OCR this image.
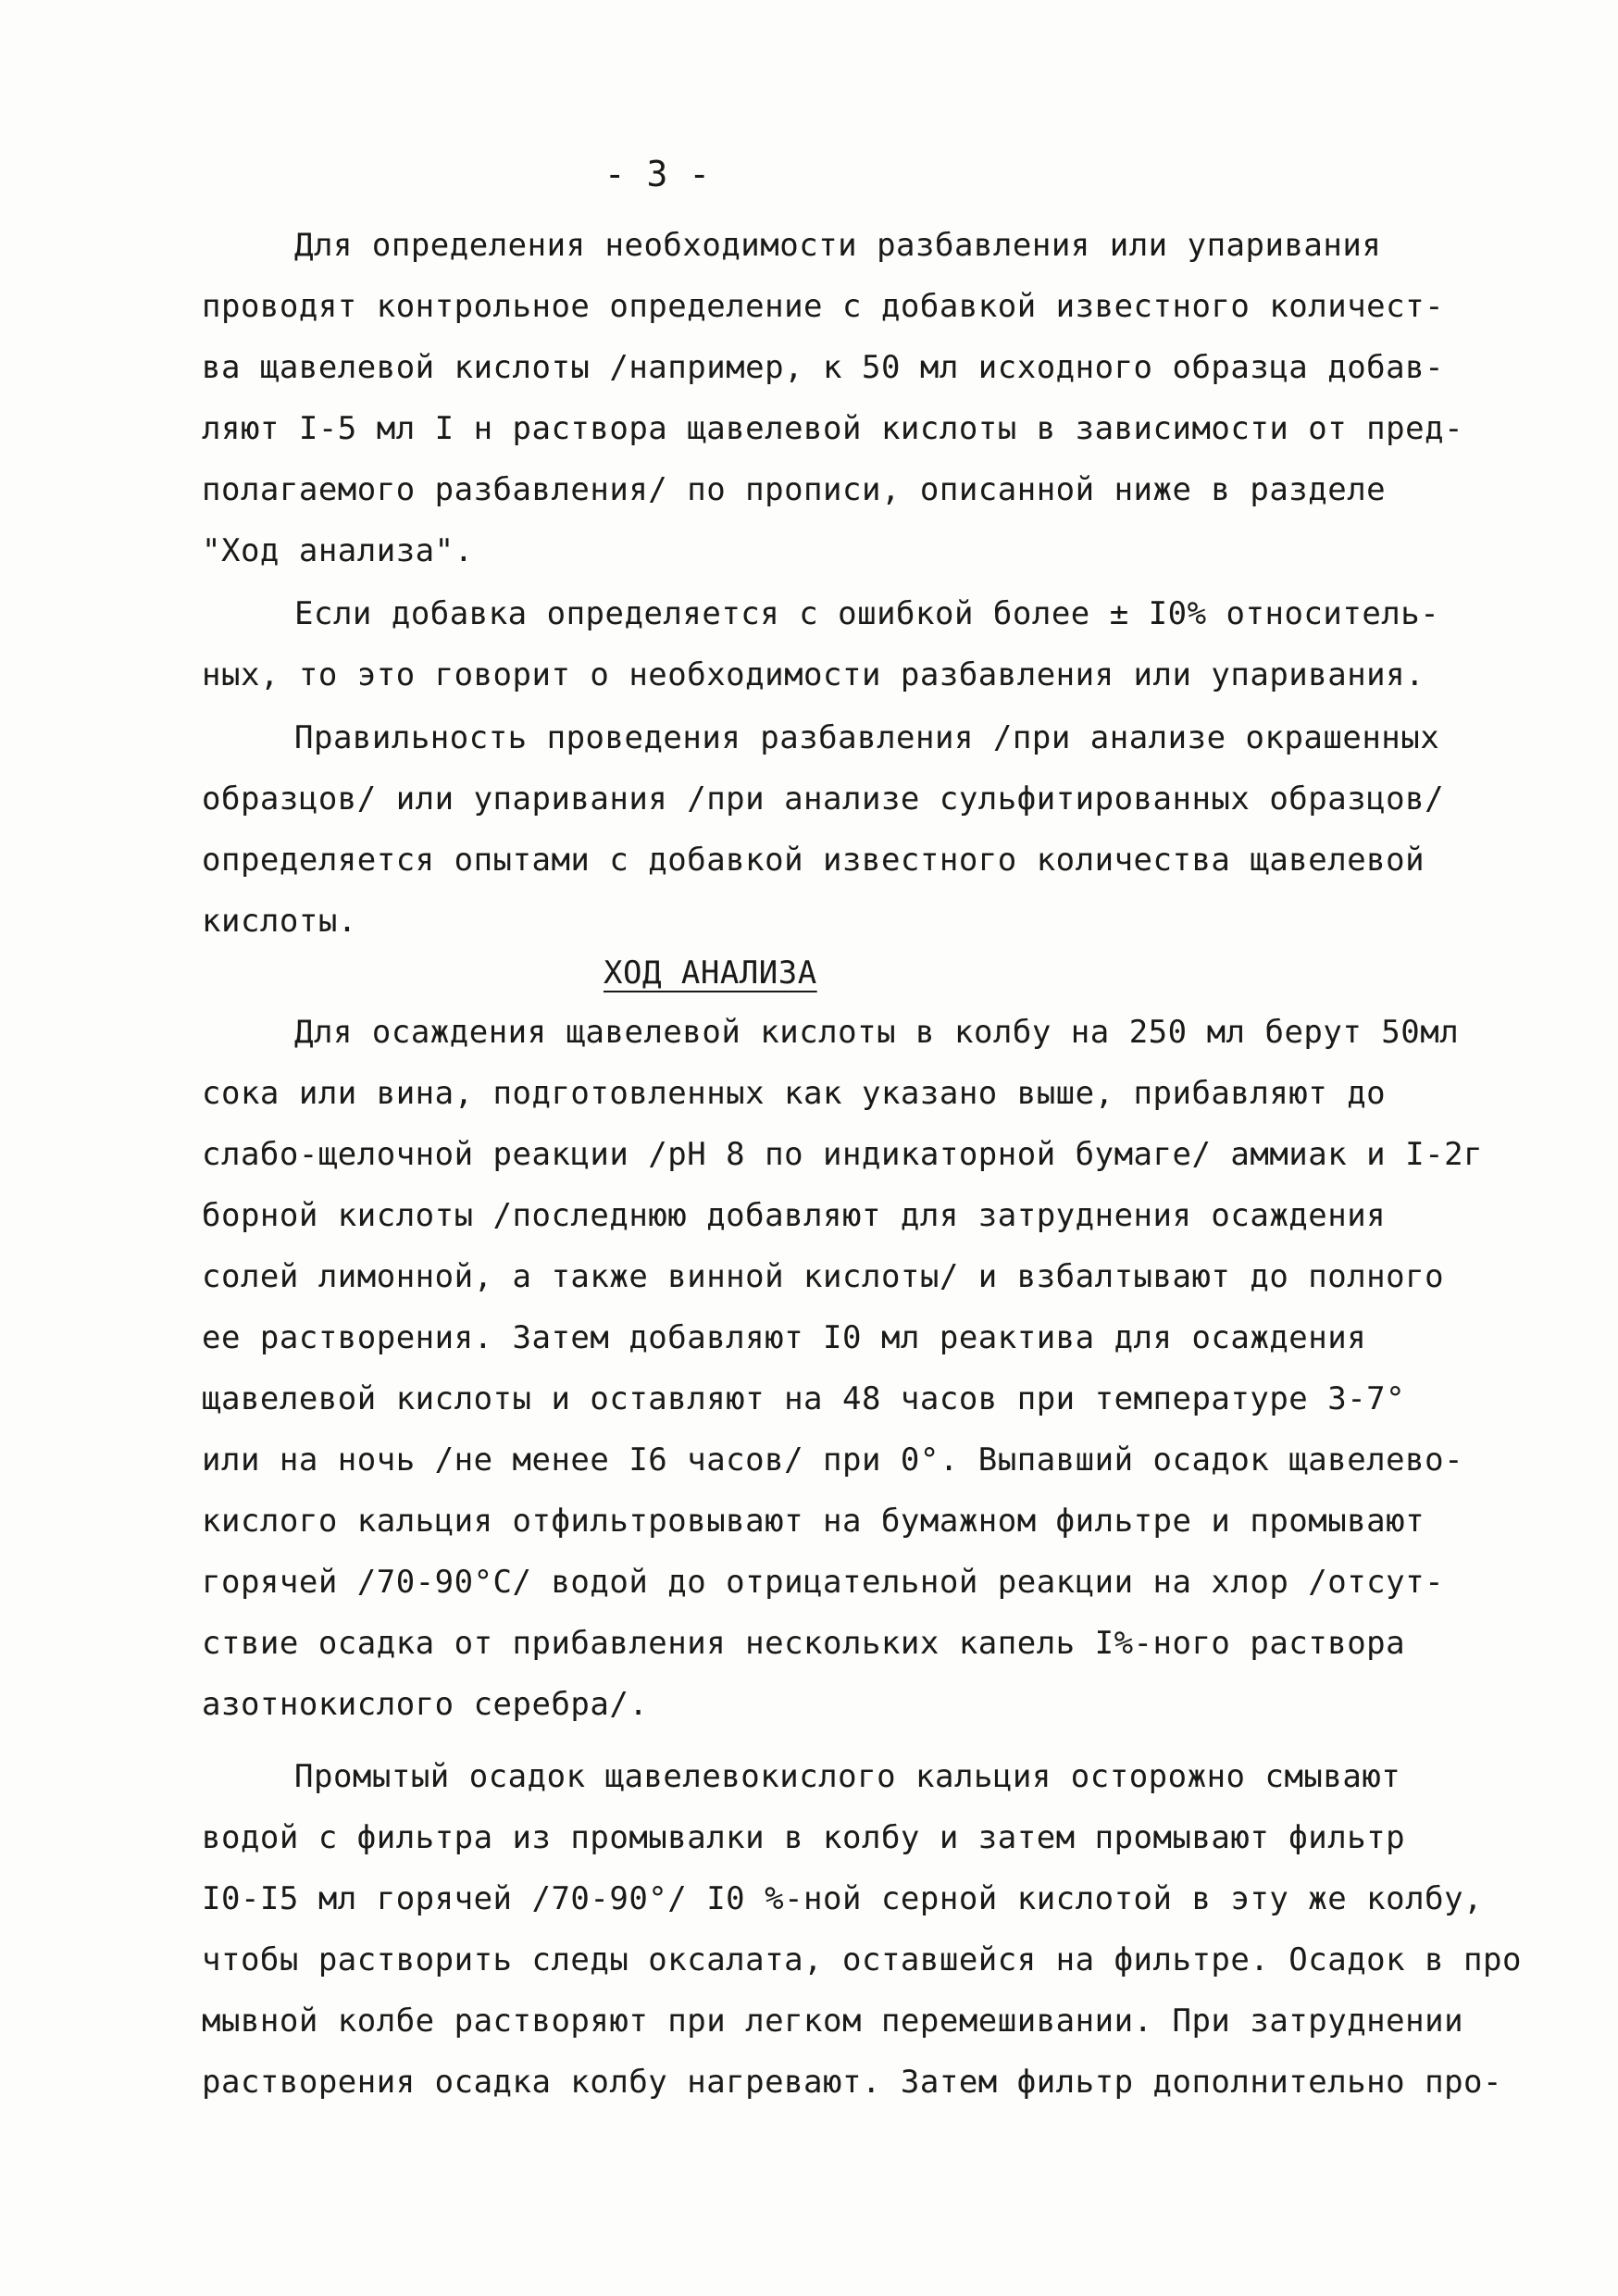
- 3 -
Для определения необходимости разбавления или упаривания
проводят контрольное определение с добавкой известного количест-
ва щавелевой кислоты /например, к 50 мл исходного образца добав-
ляют I-5 мл I н раствора щавелевой кислоты в зависимости от пред-
полагаемого разбавления/ по прописи, описанной ниже в разделе
"Ход анализа".
Если добавка определяется с ошибкой более ± I0% относитель-
ных, то это говорит о необходимости разбавления или упаривания.
Правильность проведения разбавления /при анализе окрашенных
образцов/ или упаривания /при анализе сульфитированных образцов/
определяется опытами с добавкой известного количества щавелевой
кислоты.
ХОД АНАЛИЗА
Для осаждения щавелевой кислоты в колбу на 250 мл берут 50мл
сока или вина, подготовленных как указано выше, прибавляют до
слабо-щелочной реакции /pH 8 по индикаторной бумаге/ аммиак и I-2г
борной кислоты /последнюю добавляют для затруднения осаждения
солей лимонной, а также винной кислоты/ и взбалтывают до полного
ее растворения. Затем добавляют I0 мл реактива для осаждения
щавелевой кислоты и оставляют на 48 часов при температуре 3-7°
или на ночь /не менее I6 часов/ при 0°. Выпавший осадок щавелево-
кислого кальция отфильтровывают на бумажном фильтре и промывают
горячей /70-90°С/ водой до отрицательной реакции на хлор /отсут-
ствие осадка от прибавления нескольких капель I%-ного раствора
азотнокислого серебра/.
Промытый осадок щавелевокислого кальция осторожно смывают
водой с фильтра из промывалки в колбу и затем промывают фильтр
I0-I5 мл горячей /70-90°/ I0 %-ной серной кислотой в эту же колбу,
чтобы растворить следы оксалата, оставшейся на фильтре. Осадок в про
мывной колбе растворяют при легком перемешивании. При затруднении
растворения осадка колбу нагревают. Затем фильтр дополнительно про-
